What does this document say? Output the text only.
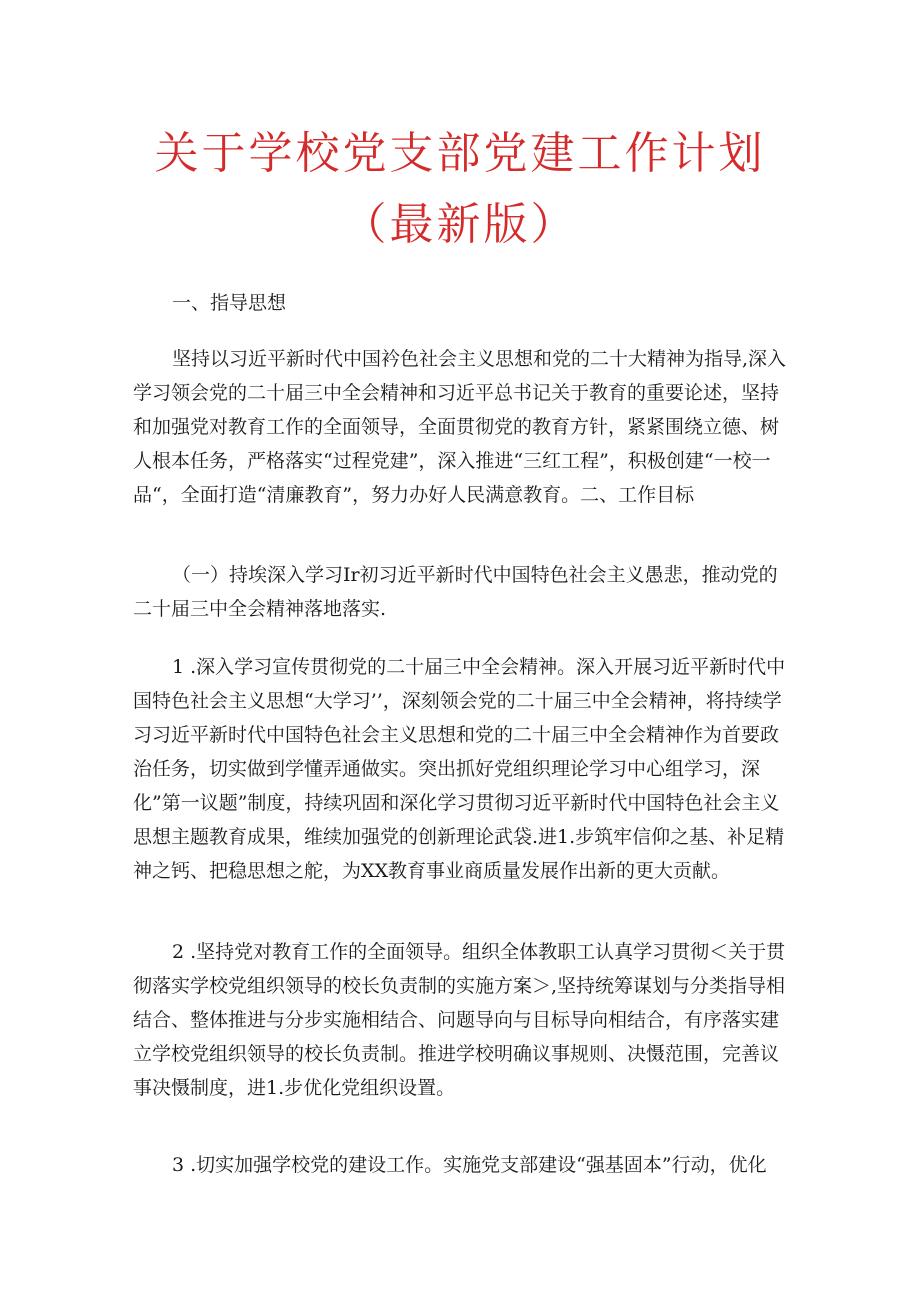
关于学校党支部党建工作计划
（最新版）

一、指导思想

坚持以习近平新时代中国衿色社会主义思想和党的二十大精神为指导,深入学习领会党的二十届三中全会精神和习近平总书记关于教育的重要论述，坚持和加强党对教育工作的全面领导，全面贯彻党的教育方针，紧紧围绕立德、树人根本任务，严格落实“过程党建”，深入推进“三红工程”，积极创建“一校一品“，全面打造“清廉教育”，努力办好人民满意教育。二、工作目标

（一）持埃深入学习Ir初习近平新时代中国特色社会主义愚悲，推动党的二十届三中全会精神落地落实.

1 .深入学习宣传贯彻党的二十届三中全会精神。深入开展习近平新时代中国特色社会主义思想“大学习’’，深刻领会党的二十届三中全会精神，将持续学习习近平新时代中国特色社会主义思想和党的二十届三中全会精神作为首要政治任务，切实做到学懂弄通做实。突出抓好党组织理论学习中心组学习，深化”第一议题”制度，持续巩固和深化学习贯彻习近平新时代中国特色社会主义思想主题教育成果，维续加强党的创新理论武袋.进1.步筑牢信仰之基、补足精神之钙、把稳思想之舵，为XX教育事业商质量发展作出新的更大贡献。

2 .坚持党对教育工作的全面领导。组织全体教职工认真学习贯彻＜关于贯彻落实学校党组织领导的校长负责制的实施方案＞,坚持统筹谋划与分类指导相结合、整体推进与分步实施相结合、问题导向与目标导向相结合，有序落实建立学校党组织领导的校长负责制。推进学校明确议事规则、决慑范围，完善议事决慑制度，进1.步优化党组织设置。

3 .切实加强学校党的建设工作。实施党支部建设“强基固本”行动，优化
